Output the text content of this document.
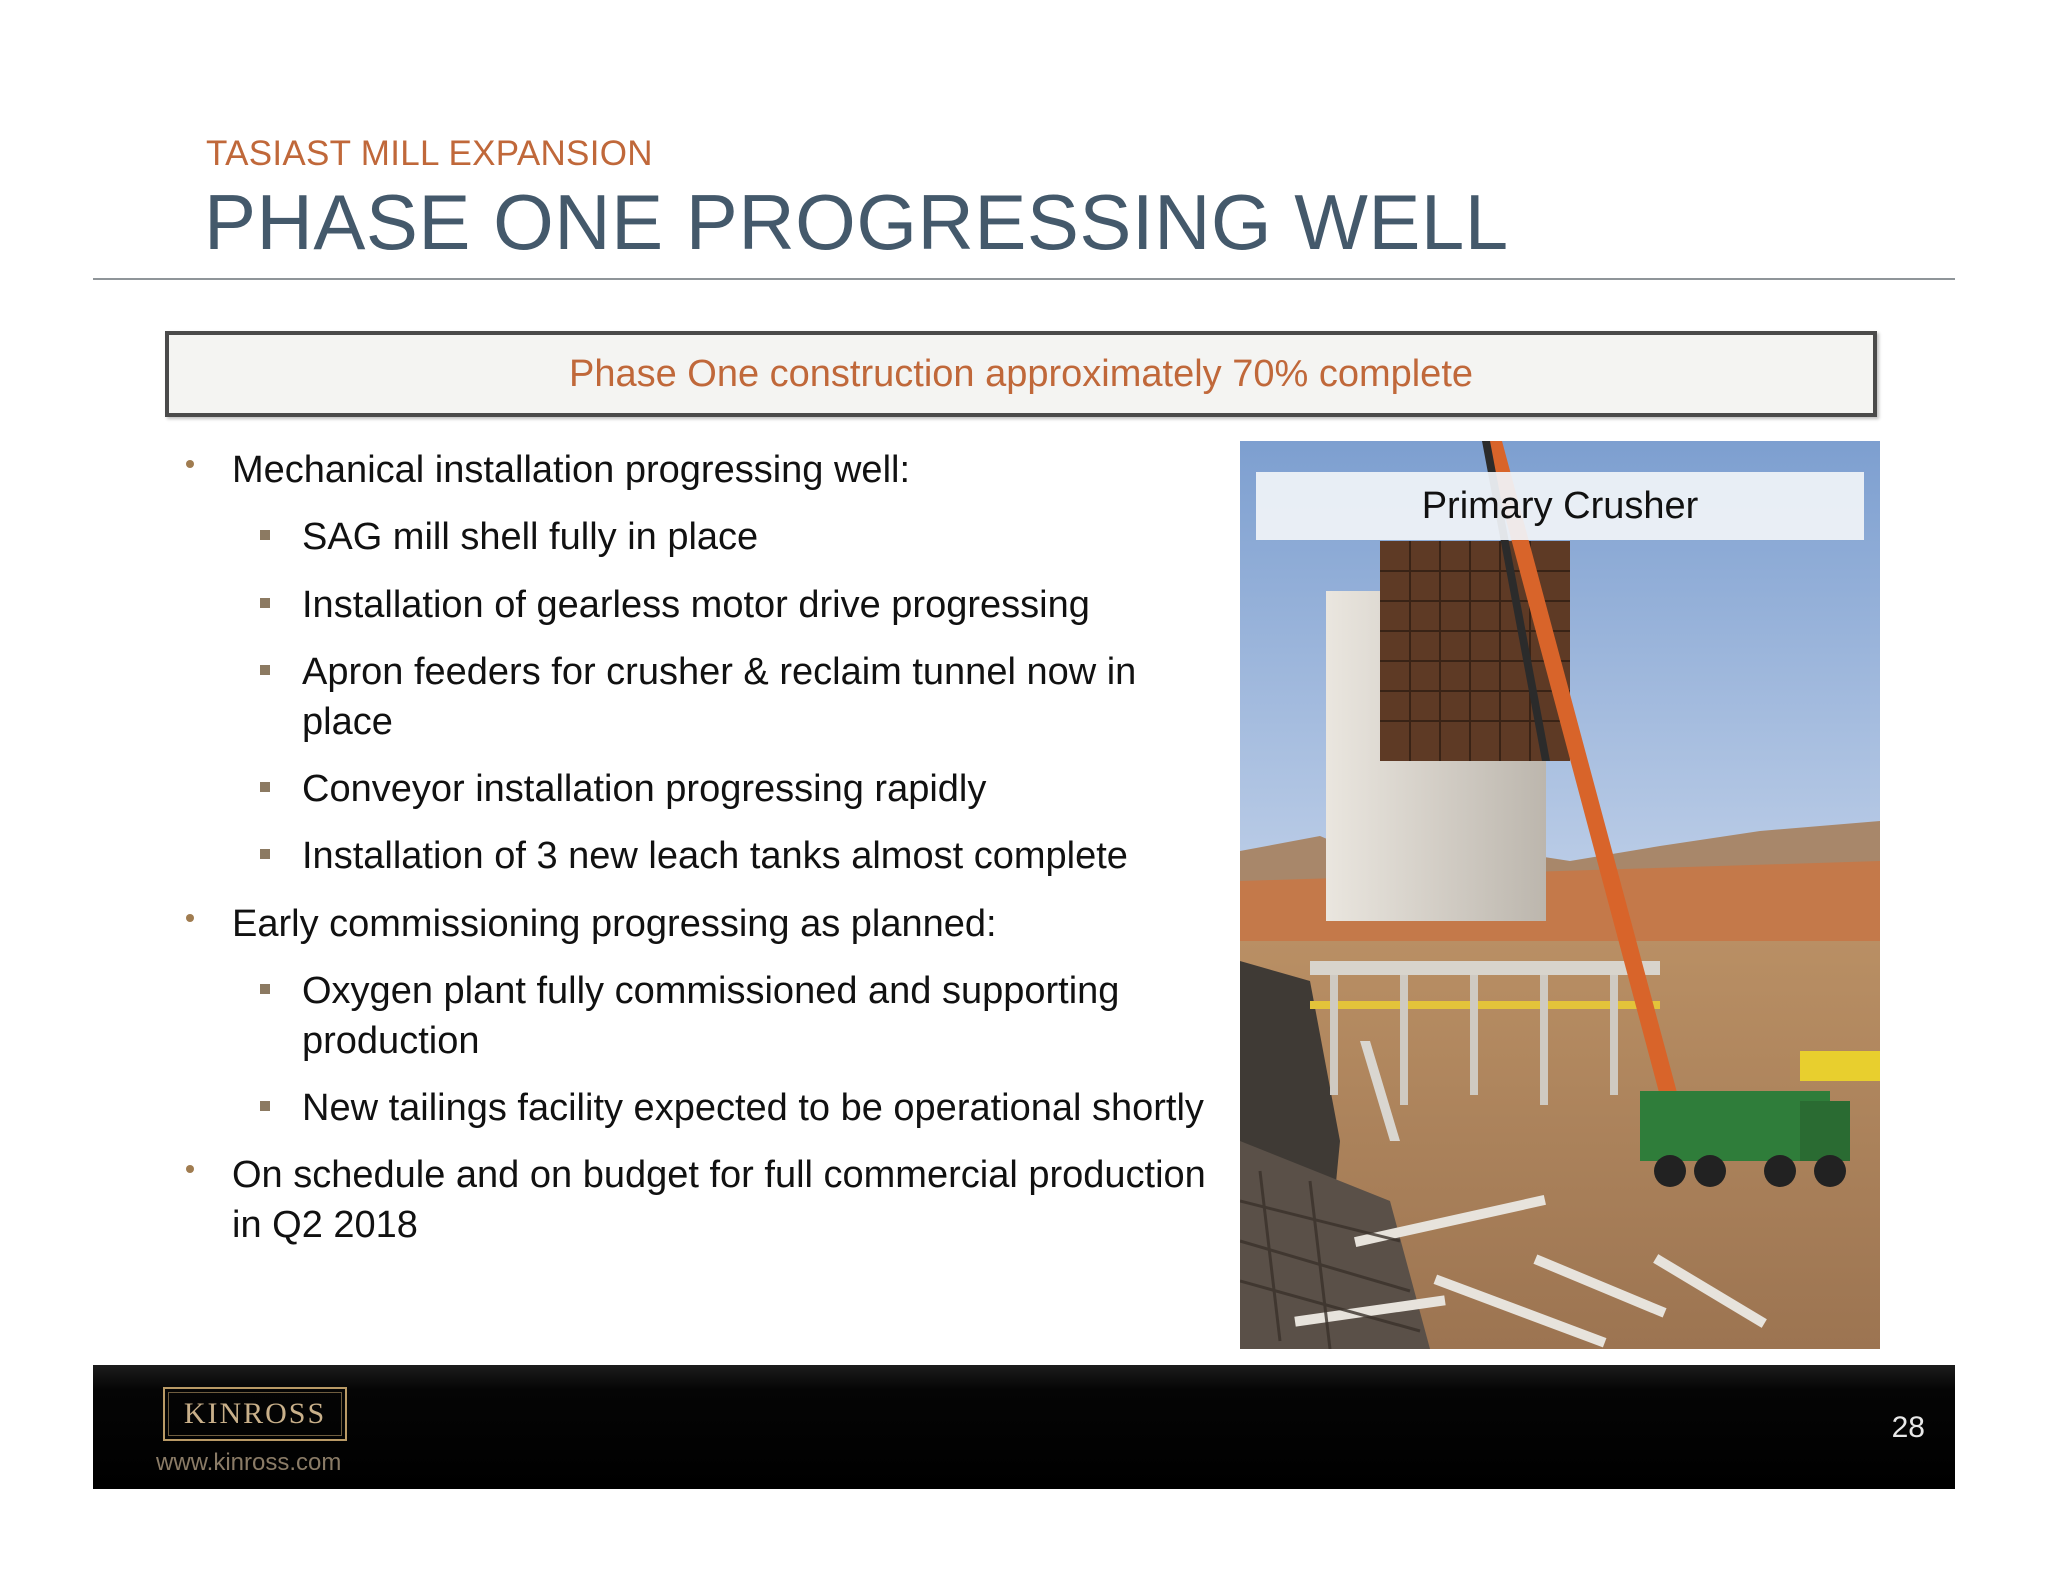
TASIAST MILL EXPANSION
PHASE ONE PROGRESSING WELL
Phase One construction approximately 70% complete
Mechanical installation progressing well:
SAG mill shell fully in place
Installation of gearless motor drive progressing
Apron feeders for crusher & reclaim tunnel now in place
Conveyor installation progressing rapidly
Installation of 3 new leach tanks almost complete
Early commissioning progressing as planned:
Oxygen plant fully commissioned and supporting production
New tailings facility expected to be operational shortly
On schedule and on budget for full commercial production in Q2 2018
Primary Crusher
KINROSS
www.kinross.com
28
